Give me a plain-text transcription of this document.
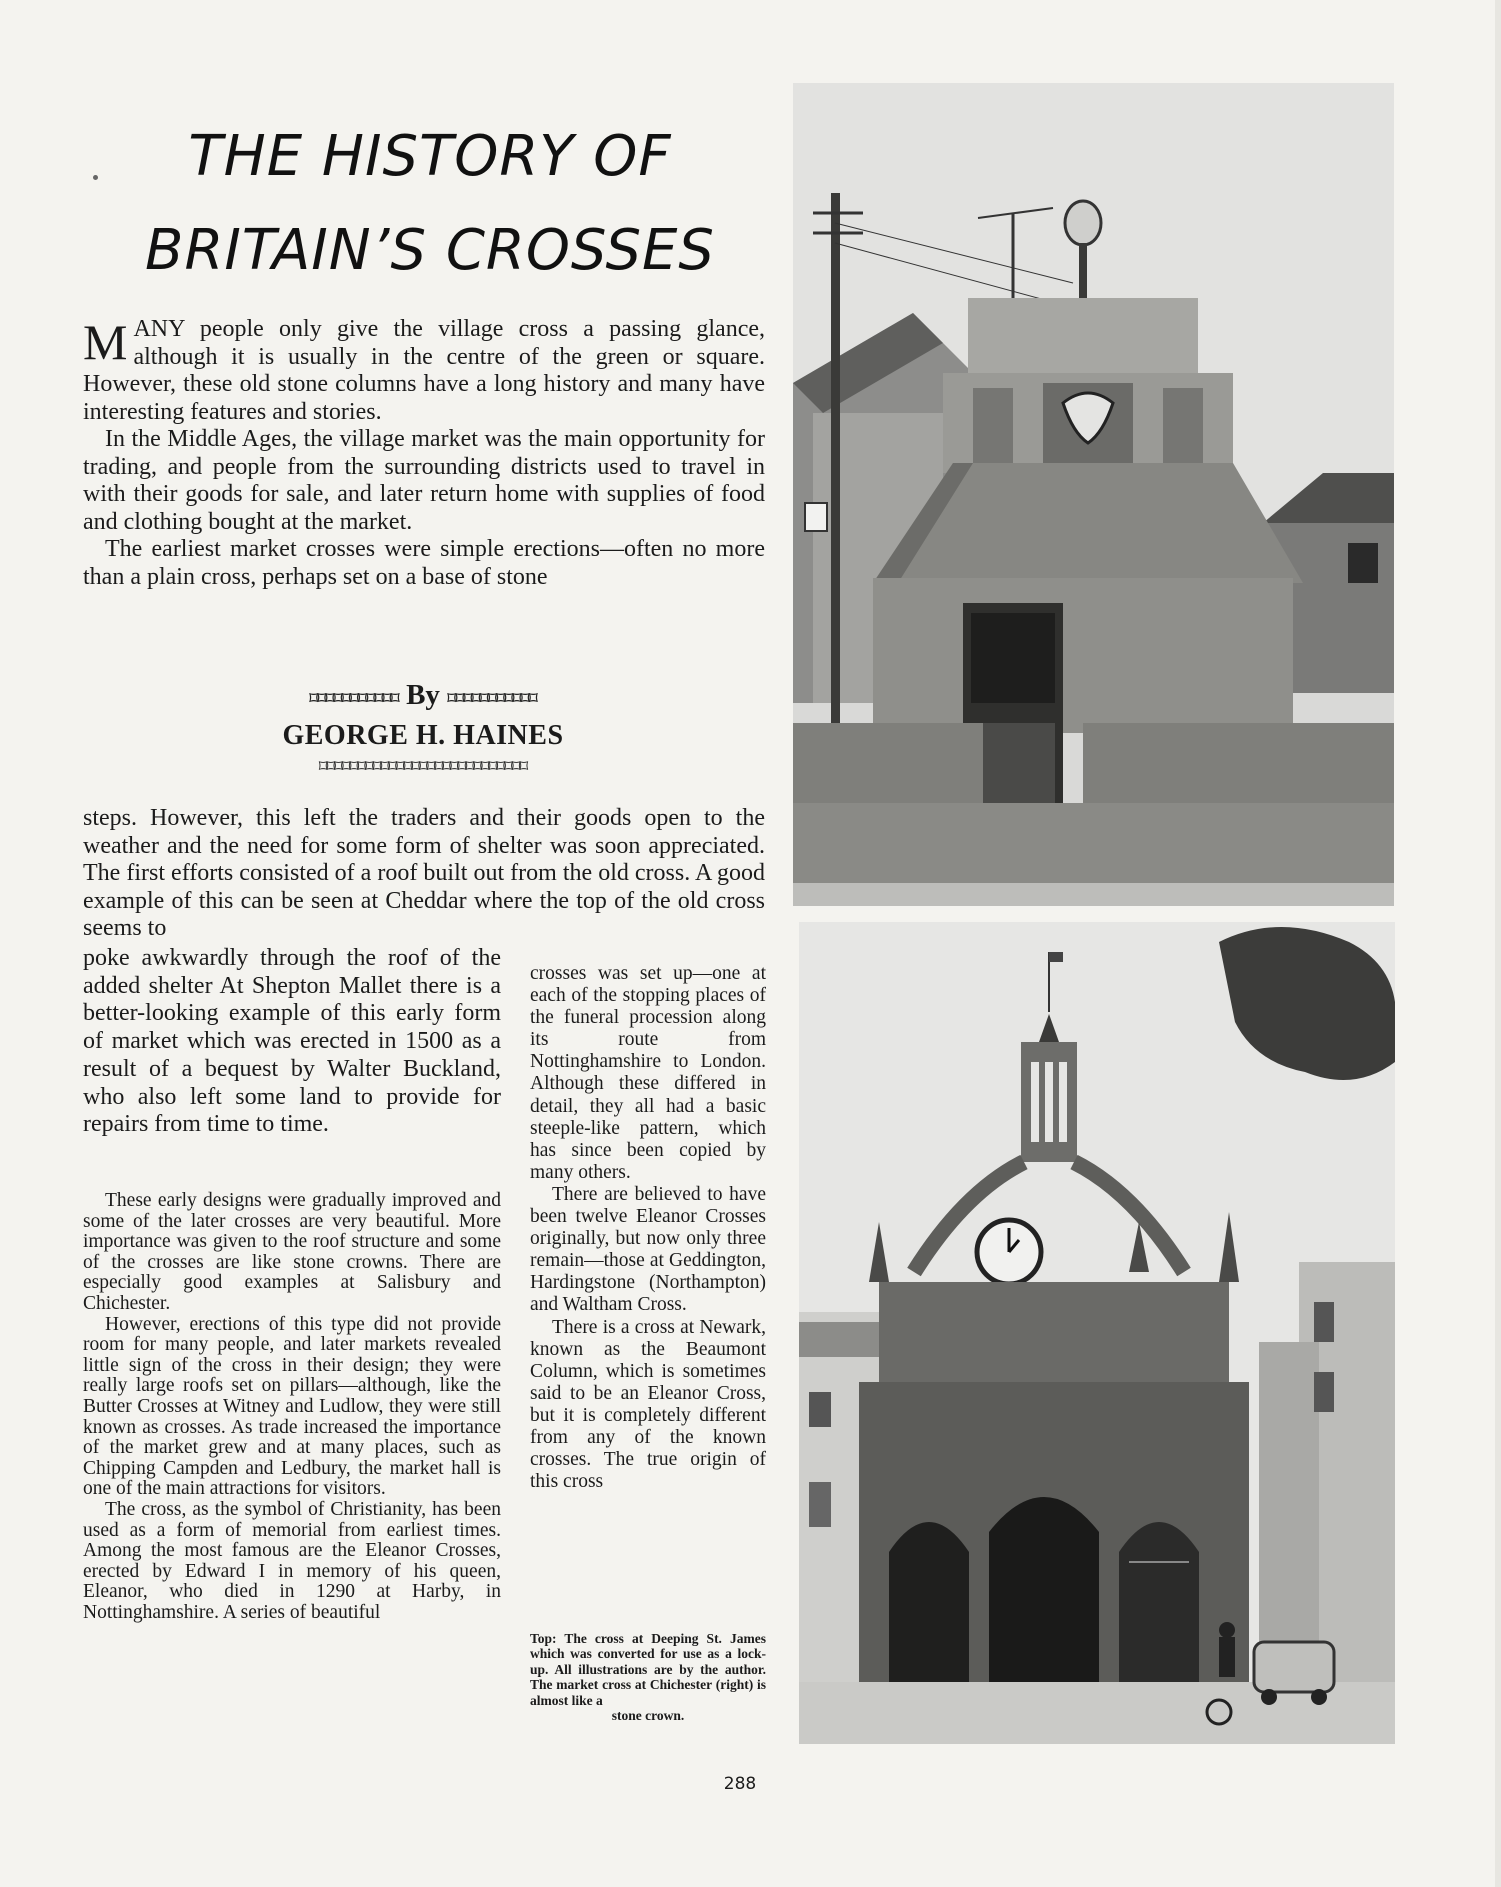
THE HISTORY OF
BRITAIN’S CROSSES

MANY people only give the village cross a passing glance, although it is usually in the centre of the green or square. However, these old stone columns have a long history and many have interesting features and stories.

In the Middle Ages, the village market was the main opportunity for trading, and people from the surrounding districts used to travel in with their goods for sale, and later return home with supplies of food and clothing bought at the market.

The earliest market crosses were simple erections—often no more than a plain cross, perhaps set on a base of stone

⌑⌑⌑⌑⌑⌑⌑⌑⌑⌑⌑ By ⌑⌑⌑⌑⌑⌑⌑⌑⌑⌑⌑
GEORGE H. HAINES
⌑⌑⌑⌑⌑⌑⌑⌑⌑⌑⌑⌑⌑⌑⌑⌑⌑⌑⌑⌑⌑⌑⌑⌑⌑⌑⌑

steps. However, this left the traders and their goods open to the weather and the need for some form of shelter was soon appreciated. The first efforts consisted of a roof built out from the old cross. A good example of this can be seen at Cheddar where the top of the old cross seems to

poke awkwardly through the roof of the added shelter At Shepton Mallet there is a better-looking example of this early form of market which was erected in 1500 as a result of a bequest by Walter Buckland, who also left some land to provide for repairs from time to time.

These early designs were gradually improved and some of the later crosses are very beautiful. More importance was given to the roof structure and some of the crosses are like stone crowns. There are especially good examples at Salisbury and Chichester.

However, erections of this type did not provide room for many people, and later markets revealed little sign of the cross in their design; they were really large roofs set on pillars—although, like the Butter Crosses at Witney and Ludlow, they were still known as crosses. As trade increased the importance of the market grew and at many places, such as Chipping Campden and Ledbury, the market hall is one of the main attractions for visitors.

The cross, as the symbol of Christianity, has been used as a form of memorial from earliest times. Among the most famous are the Eleanor Crosses, erected by Edward I in memory of his queen, Eleanor, who died in 1290 at Harby, in Nottinghamshire. A series of beautiful

crosses was set up—one at each of the stopping places of the funeral procession along its route from Nottinghamshire to London. Although these differed in detail, they all had a basic steeple-like pattern, which has since been copied by many others.

There are believed to have been twelve Eleanor Crosses originally, but now only three remain—those at Geddington, Hardingstone (Northampton) and Waltham Cross.

There is a cross at Newark, known as the Beaumont Column, which is sometimes said to be an Eleanor Cross, but it is completely different from any of the known crosses. The true origin of this cross

Top: The cross at Deeping St. James which was converted for use as a lock-up. All illustrations are by the author. The market cross at Chichester (right) is almost like a
stone crown.
288
